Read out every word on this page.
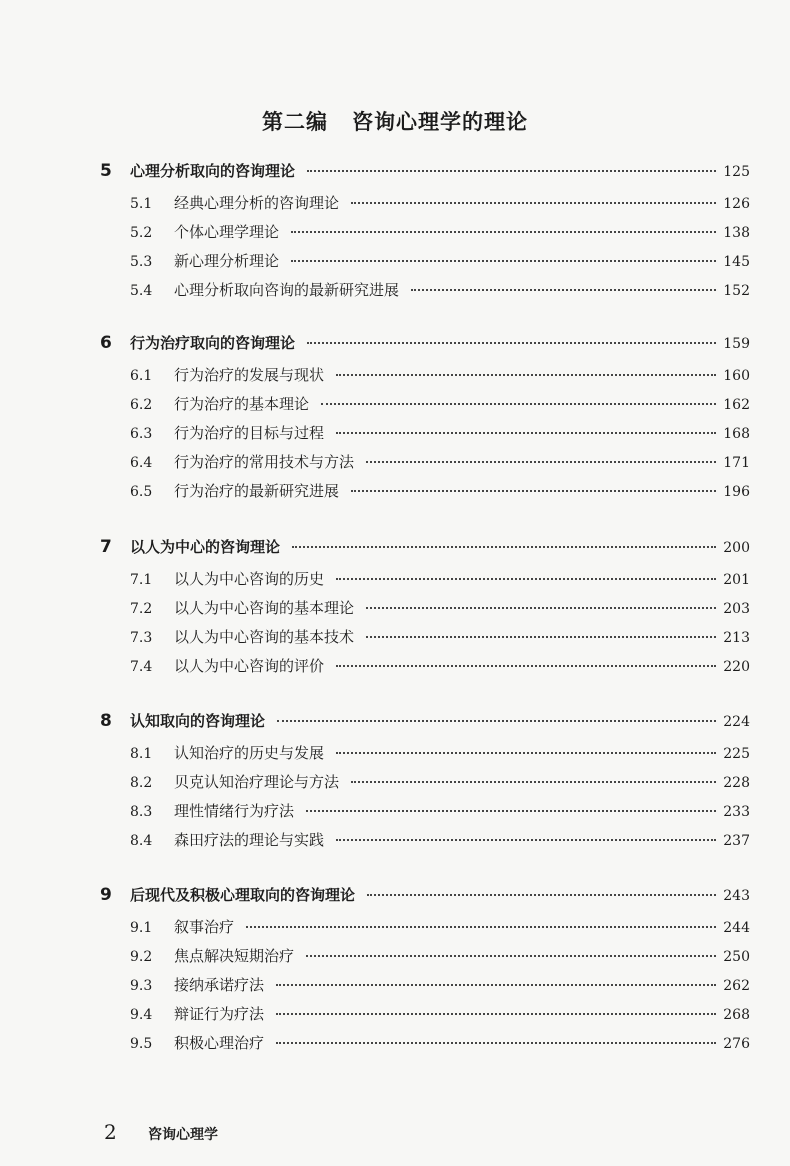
第二编 咨询心理学的理论
5	心理分析取向的咨询理论	125
5.1	经典心理分析的咨询理论	126
5.2	个体心理学理论	138
5.3	新心理分析理论	145
5.4	心理分析取向咨询的最新研究进展	152
6	行为治疗取向的咨询理论	159
6.1	行为治疗的发展与现状	160
6.2	行为治疗的基本理论	162
6.3	行为治疗的目标与过程	168
6.4	行为治疗的常用技术与方法	171
6.5	行为治疗的最新研究进展	196
7	以人为中心的咨询理论	200
7.1	以人为中心咨询的历史	201
7.2	以人为中心咨询的基本理论	203
7.3	以人为中心咨询的基本技术	213
7.4	以人为中心咨询的评价	220
8	认知取向的咨询理论	224
8.1	认知治疗的历史与发展	225
8.2	贝克认知治疗理论与方法	228
8.3	理性情绪行为疗法	233
8.4	森田疗法的理论与实践	237
9	后现代及积极心理取向的咨询理论	243
9.1	叙事治疗	244
9.2	焦点解决短期治疗	250
9.3	接纳承诺疗法	262
9.4	辩证行为疗法	268
9.5	积极心理治疗	276
2 咨询心理学
